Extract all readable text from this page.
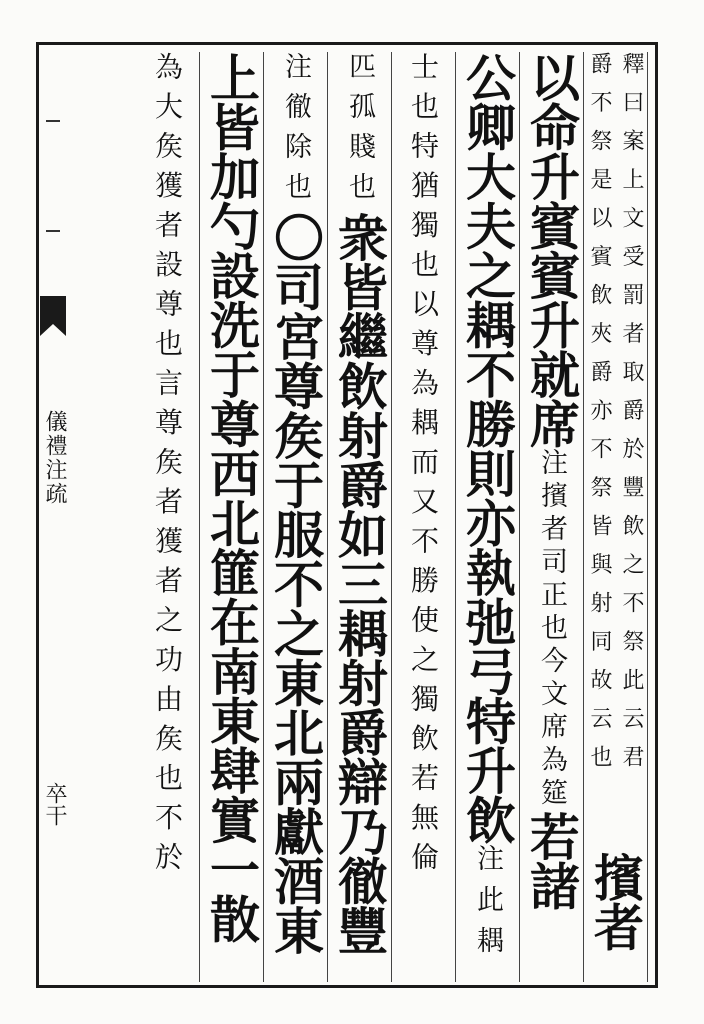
儀禮注疏
卒干
釋曰案上文受罰者取爵於豐飲之不祭此云君
爵不祭是以賓飲夾爵亦不祭皆與射同故云也
擯者
以命升賓賓升就席注擯者司正也今文席為筵若諸
公卿大夫之耦不勝則亦執弛弓特升飲注此耦
士也特猶獨也以尊為耦而又不勝使之獨飲若無倫
匹孤賤也衆皆繼飲射爵如三耦射爵辯乃徹豐
注徹除也〇司宮尊矦于服不之東北兩獻酒東
上皆加勺設洗于尊西北篚在南東肆實一散
為大矦獲者設尊也言尊矦者獲者之功由矦也不於
